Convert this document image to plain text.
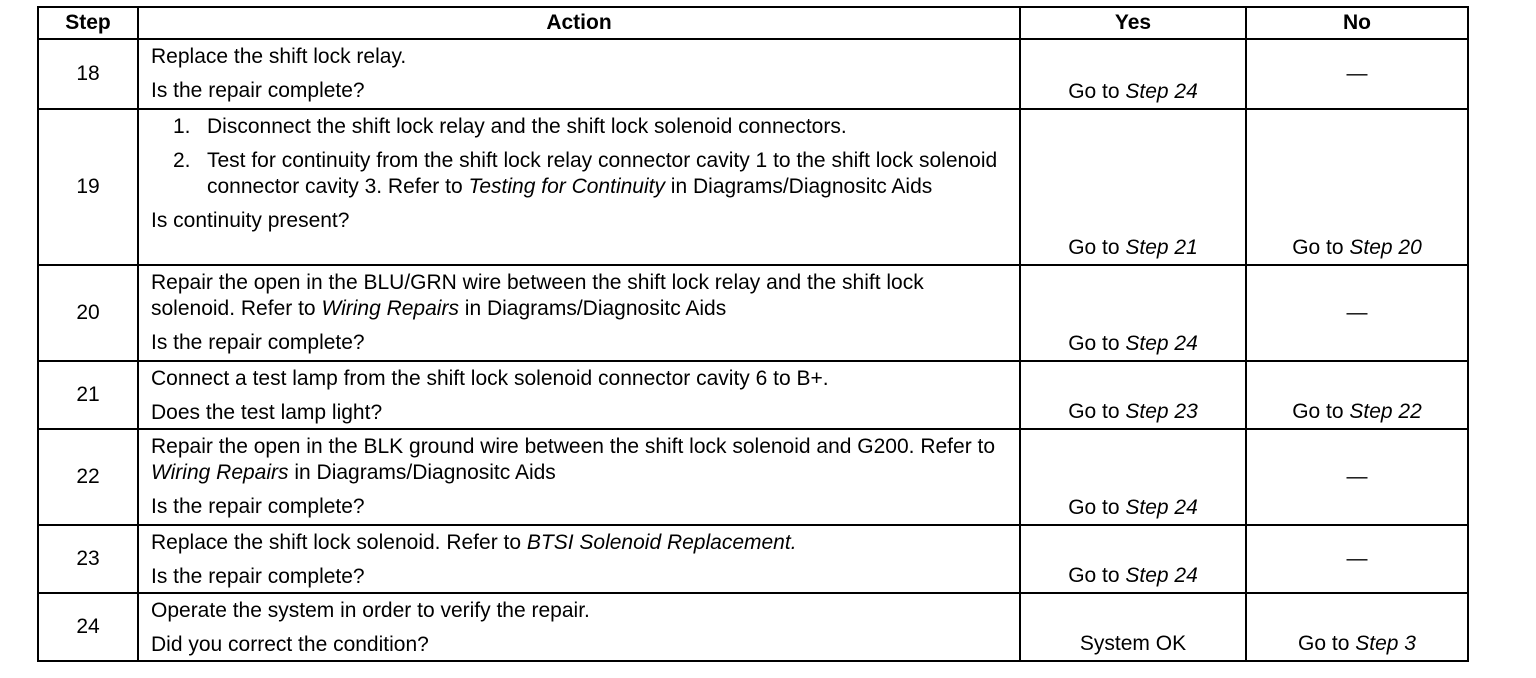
Step	Action	Yes	No
18	Replace the shift lock relay.
Is the repair complete?	Go to Step 24	—
19	1. Disconnect the shift lock relay and the shift lock solenoid connectors.
2. Test for continuity from the shift lock relay connector cavity 1 to the shift lock solenoid connector cavity 3. Refer to Testing for Continuity in Diagrams/Diagnositc Aids
Is continuity present?	Go to Step 21	Go to Step 20
20	Repair the open in the BLU/GRN wire between the shift lock relay and the shift lock solenoid. Refer to Wiring Repairs in Diagrams/Diagnositc Aids
Is the repair complete?	Go to Step 24	—
21	Connect a test lamp from the shift lock solenoid connector cavity 6 to B+.
Does the test lamp light?	Go to Step 23	Go to Step 22
22	Repair the open in the BLK ground wire between the shift lock solenoid and G200. Refer to Wiring Repairs in Diagrams/Diagnositc Aids
Is the repair complete?	Go to Step 24	—
23	Replace the shift lock solenoid. Refer to BTSI Solenoid Replacement.
Is the repair complete?	Go to Step 24	—
24	Operate the system in order to verify the repair.
Did you correct the condition?	System OK	Go to Step 3
